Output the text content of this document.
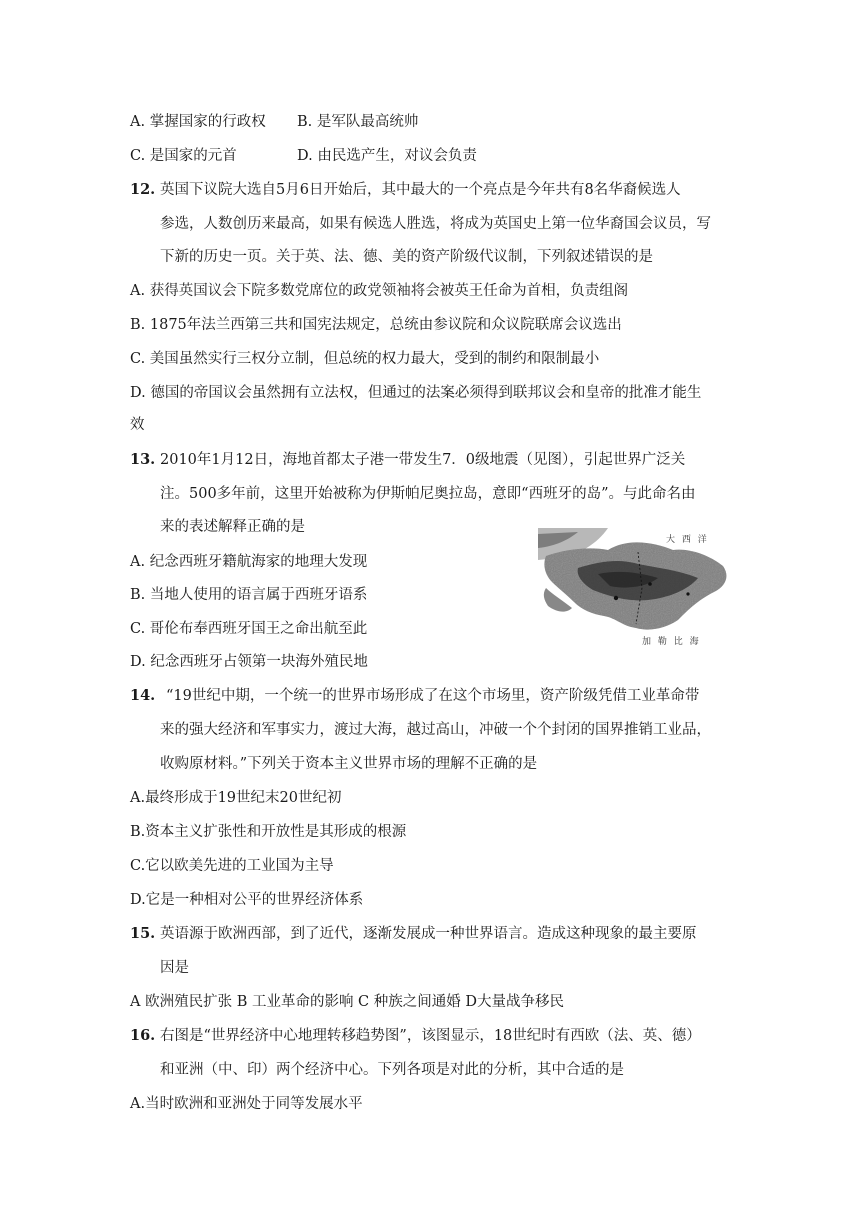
A. 掌握国家的行政权 B. 是军队最高统帅
C. 是国家的元首	D. 由民选产生，对议会负责
12. 英国下议院大选自5月6日开始后，其中最大的一个亮点是今年共有8名华裔候选人
参选，人数创历来最高，如果有候选人胜选，将成为英国史上第一位华裔国会议员，写
下新的历史一页。关于英、法、德、美的资产阶级代议制，下列叙述错误的是
A. 获得英国议会下院多数党席位的政党领袖将会被英王任命为首相，负责组阁
B. 1875年法兰西第三共和国宪法规定，总统由参议院和众议院联席会议选出
C. 美国虽然实行三权分立制，但总统的权力最大，受到的制约和限制最小
D. 德国的帝国议会虽然拥有立法权，但通过的法案必须得到联邦议会和皇帝的批准才能生
效
13. 2010年1月12日，海地首都太子港一带发生7．0级地震（见图），引起世界广泛关
注。500多年前，这里开始被称为伊斯帕尼奥拉岛，意即“西班牙的岛”。与此命名由
来的表述解释正确的是
A. 纪念西班牙籍航海家的地理大发现
B. 当地人使用的语言属于西班牙语系
C. 哥伦布奉西班牙国王之命出航至此
D. 纪念西班牙占领第一块海外殖民地
大 西 洋
加 勒 比 海
14. “19世纪中期，一个统一的世界市场形成了在这个市场里，资产阶级凭借工业革命带
来的强大经济和军事实力，渡过大海，越过高山，冲破一个个封闭的国界推销工业品，
收购原材料。”下列关于资本主义世界市场的理解不正确的是
A.最终形成于19世纪末20世纪初
B.资本主义扩张性和开放性是其形成的根源
C.它以欧美先进的工业国为主导
D.它是一种相对公平的世界经济体系
15. 英语源于欧洲西部，到了近代，逐渐发展成一种世界语言。造成这种现象的最主要原
因是
A 欧洲殖民扩张 B 工业革命的影响 C 种族之间通婚 D大量战争移民
16. 右图是“世界经济中心地理转移趋势图”，该图显示，18世纪时有西欧（法、英、德）
和亚洲（中、印）两个经济中心。下列各项是对此的分析，其中合适的是
A.当时欧洲和亚洲处于同等发展水平
